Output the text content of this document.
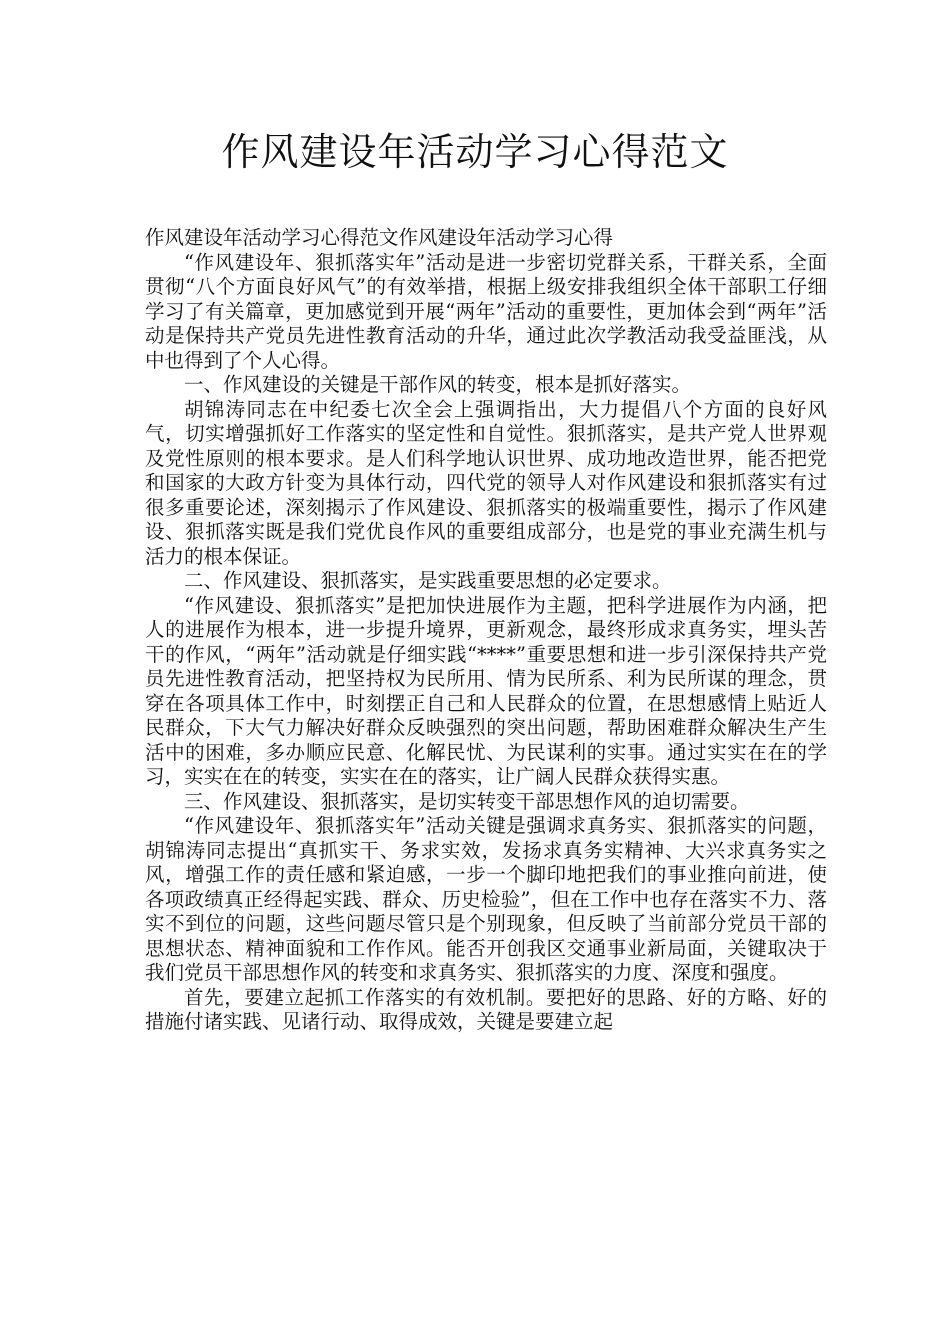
作风建设年活动学习心得范文

作风建设年活动学习心得范文作风建设年活动学习心得

“作风建设年、狠抓落实年”活动是进一步密切党群关系，干群关系，全面贯彻“八个方面良好风气”的有效举措，根据上级安排我组织全体干部职工仔细学习了有关篇章，更加感觉到开展“两年”活动的重要性，更加体会到“两年”活动是保持共产党员先进性教育活动的升华，通过此次学教活动我受益匪浅，从中也得到了个人心得。

一、作风建设的关键是干部作风的转变，根本是抓好落实。

胡锦涛同志在中纪委七次全会上强调指出，大力提倡八个方面的良好风气，切实增强抓好工作落实的坚定性和自觉性。狠抓落实，是共产党人世界观及党性原则的根本要求。是人们科学地认识世界、成功地改造世界，能否把党和国家的大政方针变为具体行动，四代党的领导人对作风建设和狠抓落实有过很多重要论述，深刻揭示了作风建设、狠抓落实的极端重要性，揭示了作风建设、狠抓落实既是我们党优良作风的重要组成部分，也是党的事业充满生机与活力的根本保证。

二、作风建设、狠抓落实，是实践重要思想的必定要求。

“作风建设、狠抓落实”是把加快进展作为主题，把科学进展作为内涵，把人的进展作为根本，进一步提升境界，更新观念，最终形成求真务实，埋头苦干的作风，“两年”活动就是仔细实践“****”重要思想和进一步引深保持共产党员先进性教育活动，把坚持权为民所用、情为民所系、利为民所谋的理念，贯穿在各项具体工作中，时刻摆正自己和人民群众的位置，在思想感情上贴近人民群众，下大气力解决好群众反映强烈的突出问题，帮助困难群众解决生产生活中的困难，多办顺应民意、化解民忧、为民谋利的实事。通过实实在在的学习，实实在在的转变，实实在在的落实，让广阔人民群众获得实惠。

三、作风建设、狠抓落实，是切实转变干部思想作风的迫切需要。

“作风建设年、狠抓落实年”活动关键是强调求真务实、狠抓落实的问题，胡锦涛同志提出“真抓实干、务求实效，发扬求真务实精神、大兴求真务实之风，增强工作的责任感和紧迫感，一步一个脚印地把我们的事业推向前进，使各项政绩真正经得起实践、群众、历史检验”，但在工作中也存在落实不力、落实不到位的问题，这些问题尽管只是个别现象，但反映了当前部分党员干部的思想状态、精神面貌和工作作风。能否开创我区交通事业新局面，关键取决于我们党员干部思想作风的转变和求真务实、狠抓落实的力度、深度和强度。

首先，要建立起抓工作落实的有效机制。要把好的思路、好的方略、好的措施付诸实践、见诸行动、取得成效，关键是要建立起
